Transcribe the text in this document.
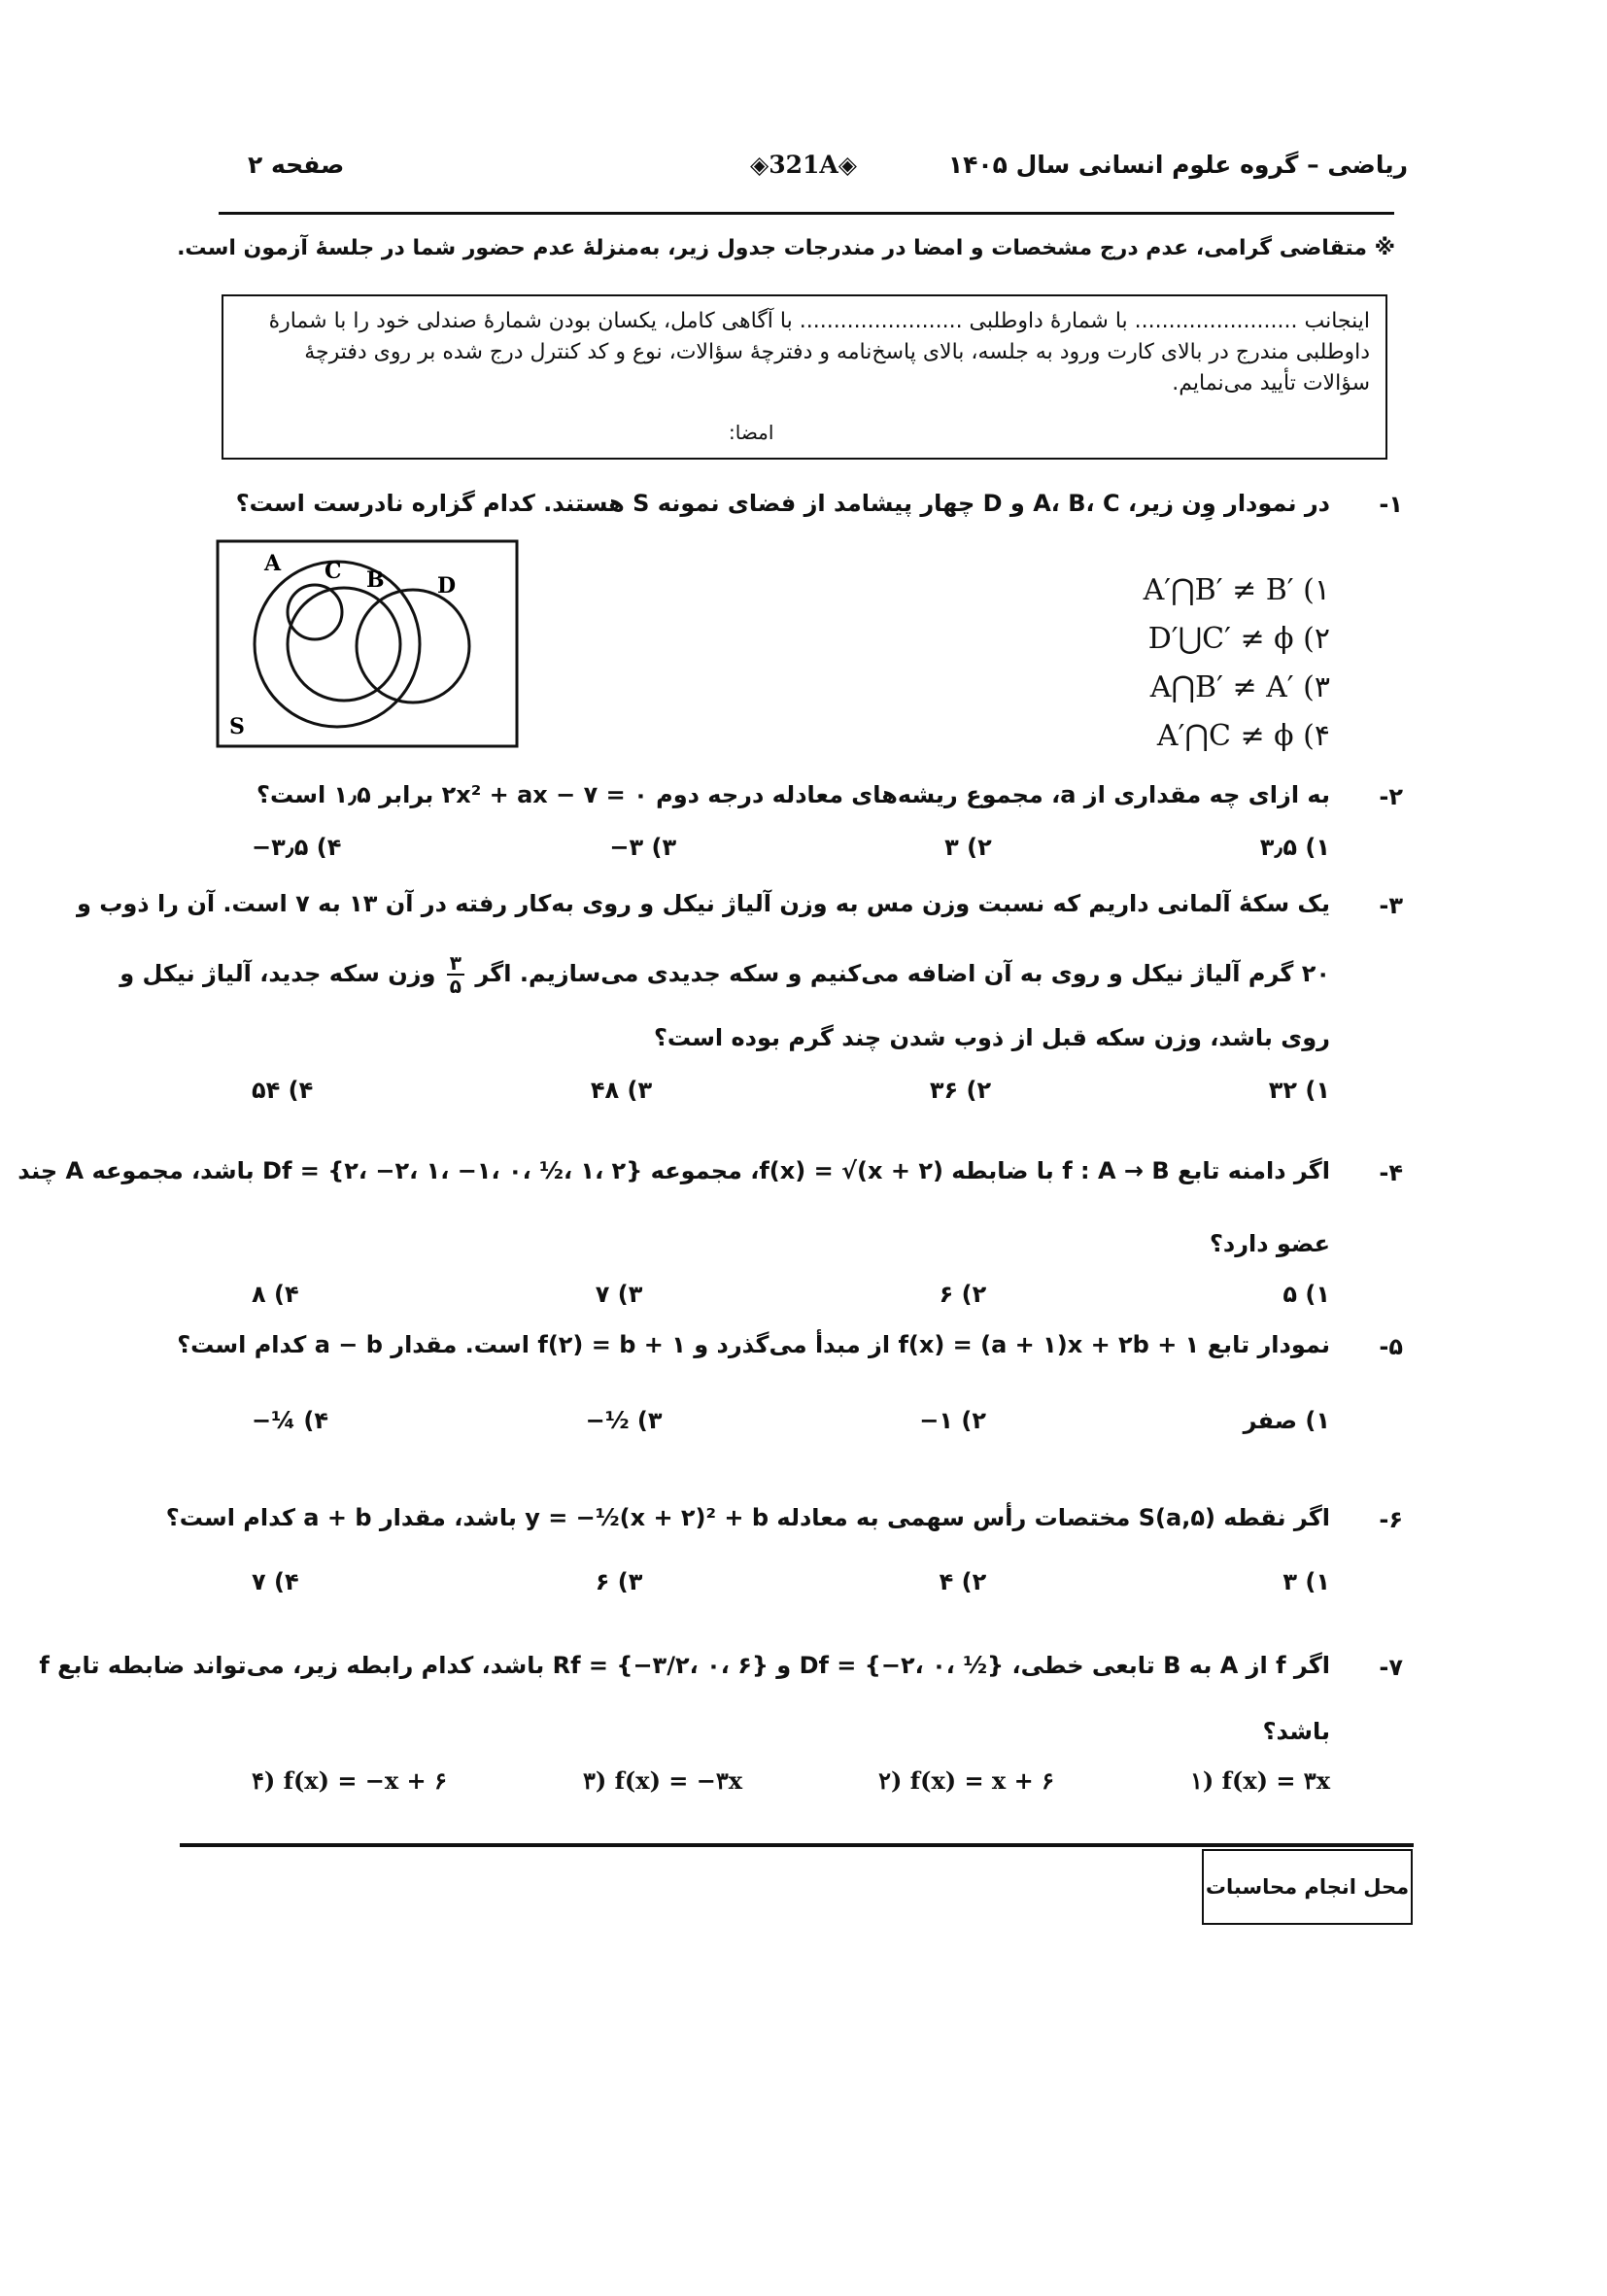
ریاضی – گروه علوم انسانی سال ۱۴۰۵
◈321A◈
صفحه ۲
※ متقاضی گرامی، عدم درج مشخصات و امضا در مندرجات جدول زیر، به‌منزلهٔ عدم حضور شما در جلسهٔ آزمون است.
اینجانب ........................ با شمارهٔ داوطلبی ........................ با آگاهی کامل، یکسان بودن شمارهٔ صندلی خود را با شمارهٔ
داوطلبی مندرج در بالای کارت ورود به جلسه، بالای پاسخ‌نامه و دفترچهٔ سؤالات، نوع و کد کنترل درج شده بر روی دفترچهٔ
سؤالات تأیید می‌نمایم.
امضا:
۱-
در نمودار وِن زیر، A، B، C و D چهار پیشامد از فضای نمونه S هستند. کدام گزاره نادرست است؟
A C B D
S
۱) A′⋂B′ ≠ B′
۲) D′⋃C′ ≠ ϕ
۳) A⋂B′ ≠ A′
۴) A′⋂C ≠ ϕ
۲-
به ازای چه مقداری از a، مجموع ریشه‌های معادله درجه دوم ۰ = ۷ − ۲x² + ax برابر ۱٫۵ است؟
۱) ۳٫۵
۲) ۳
۳) ۳−
۴) ۳٫۵−
۳-
یک سکهٔ آلمانی داریم که نسبت وزن مس به وزن آلیاژ نیکل و روی به‌کار رفته در آن ۱۳ به ۷ است. آن را ذوب و
۲۰ گرم آلیاژ نیکل و روی به آن اضافه می‌کنیم و سکه جدیدی می‌سازیم. اگر
$\frac{۳}{۵}$
وزن سکه جدید، آلیاژ نیکل و
روی باشد، وزن سکه قبل از ذوب شدن چند گرم بوده است؟
۱) ۳۲
۲) ۳۶
۳) ۴۸
۴) ۵۴
۴-
اگر دامنه تابع f : A → B با ضابطه f(x) = √(x + ۲)، مجموعه Df = {۲، −۲، ۱، −۱، ۰، ½، ۱، ۲} باشد، مجموعه A چند
عضو دارد؟
۱) ۵
۲) ۶
۳) ۷
۴) ۸
۵-
نمودار تابع f(x) = (a + ۱)x + ۲b + ۱ از مبدأ می‌گذرد و f(۲) = b + ۱ است. مقدار a − b کدام است؟
۱) صفر
۲) ۱−
۳) ½−
۴) ¼−
۶-
اگر نقطه S(a,۵) مختصات رأس سهمی به معادله y = −½(x + ۲)² + b باشد، مقدار a + b کدام است؟
۱) ۳
۲) ۴
۳) ۶
۴) ۷
۷-
اگر f از A به B تابعی خطی، Df = {−۲، ۰، ½} و Rf = {−۳/۲، ۰، ۶} باشد، کدام رابطه زیر، می‌تواند ضابطه تابع f
باشد؟
۱) f(x) = ۳x
۲) f(x) = x + ۶
۳) f(x) = −۳x
۴) f(x) = −x + ۶
محل انجام محاسبات
